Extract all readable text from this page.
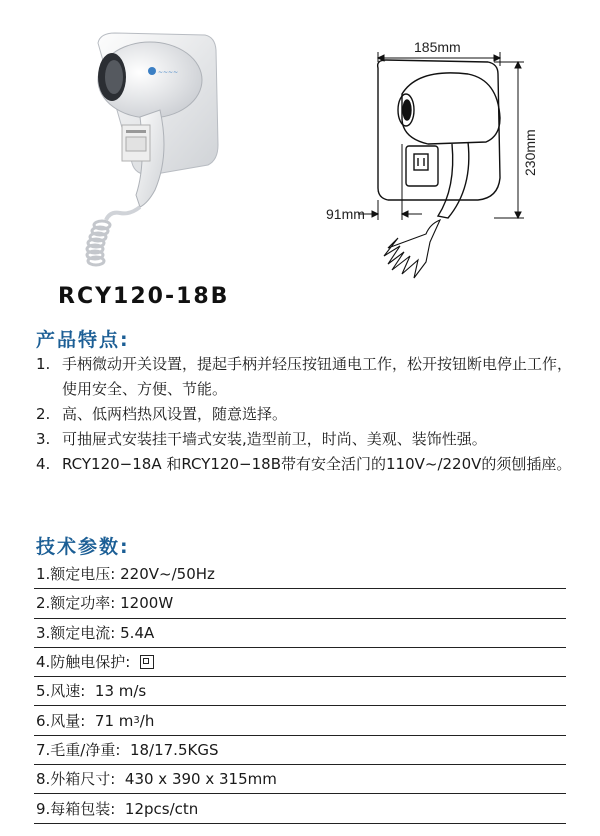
~~~~
185mm
230mm
91mm
RCY120-18B
产品特点:
1. 手柄微动开关设置，提起手柄并轻压按钮通电工作，松开按钮断电停止工作，使用安全、方便、节能。
2. 高、低两档热风设置，随意选择。
3. 可抽屉式安装挂干墙式安装,造型前卫，时尚、美观、装饰性强。
4. RCY120−18A 和RCY120−18B带有安全活门的110V~/220V的须刨插座。
技术参数:
1.额定电压: 220V~/50Hz
2.额定功率: 1200W
3.额定电流: 5.4A
4.防触电保护:
5.风速: 13 m/s
6.风量: 71 m 3 /h
7.毛重/净重: 18/17.5KGS
8.外箱尺寸: 430 x 390 x 315mm
9.每箱包装: 12pcs/ctn
